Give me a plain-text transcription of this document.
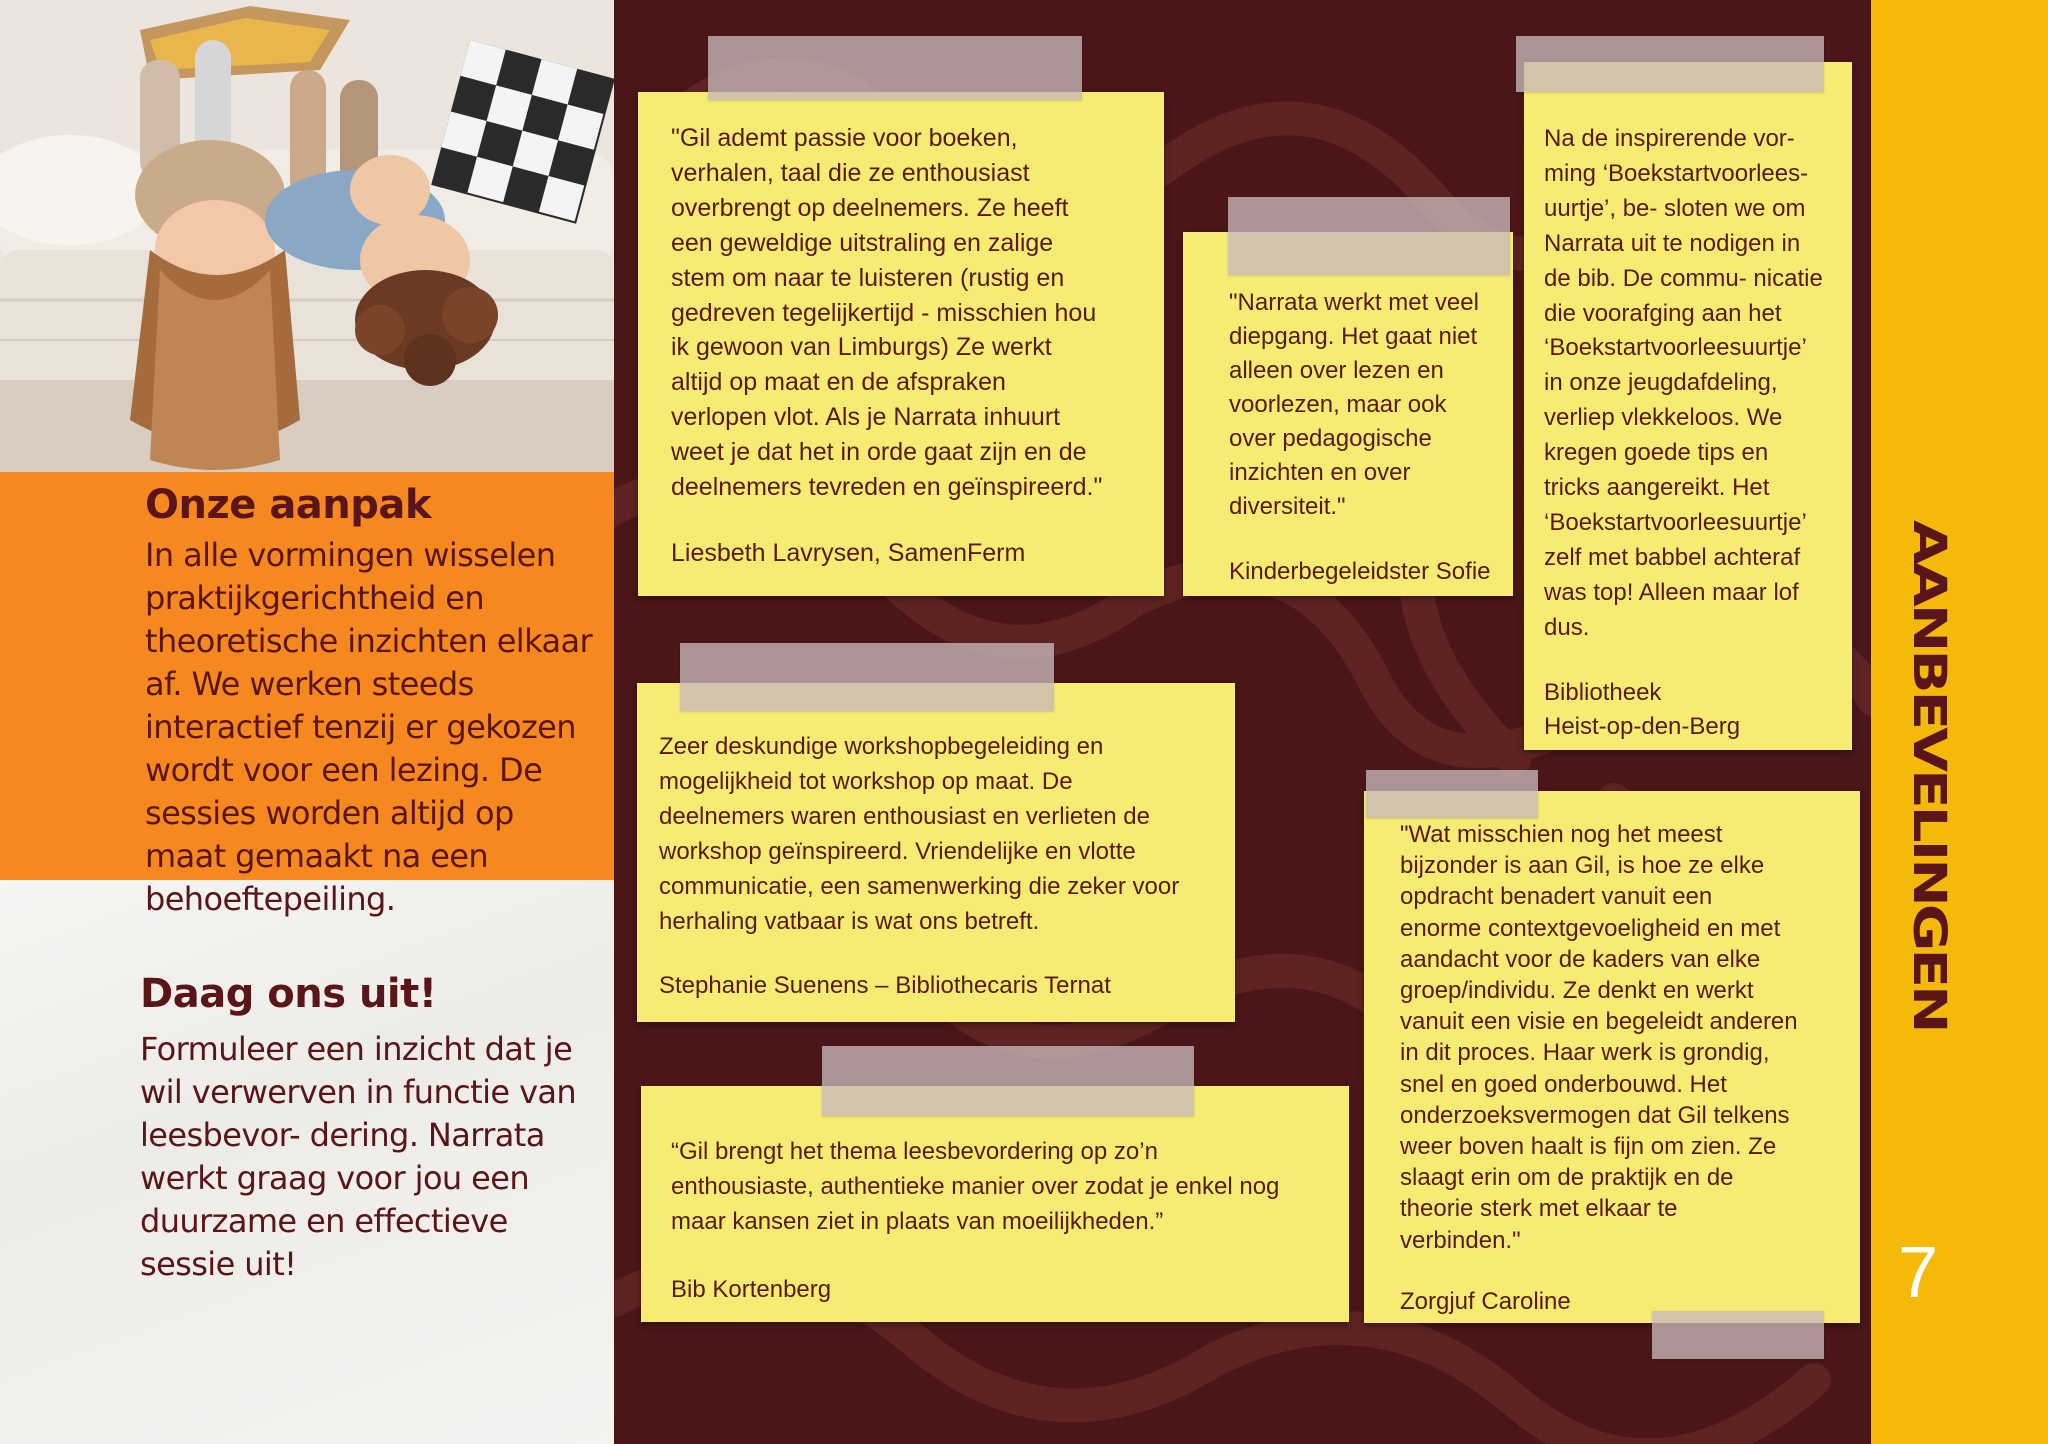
Onze aanpak

In alle vormingen wisselen
praktijkgerichtheid en
theoretische inzichten elkaar
af. We werken steeds
interactief tenzij er gekozen
wordt voor een lezing. De
sessies worden altijd op
maat gemaakt na een
behoeftepeiling.

Daag ons uit!

Formuleer een inzicht dat je
wil verwerven in functie van
leesbevor- dering. Narrata
werkt graag voor jou een
duurzame en effectieve
sessie uit!

"Gil ademt passie voor boeken,
verhalen, taal die ze enthousiast
overbrengt op deelnemers. Ze heeft
een geweldige uitstraling en zalige
stem om naar te luisteren (rustig en
gedreven tegelijkertijd - misschien hou
ik gewoon van Limburgs) Ze werkt
altijd op maat en de afspraken
verlopen vlot. Als je Narrata inhuurt
weet je dat het in orde gaat zijn en de
deelnemers tevreden en geïnspireerd."

Liesbeth Lavrysen, SamenFerm

"Narrata werkt met veel
diepgang. Het gaat niet
alleen over lezen en
voorlezen, maar ook
over pedagogische
inzichten en over
diversiteit."

Kinderbegeleidster Sofie

Na de inspirerende vor-
ming ‘Boekstartvoorlees-
uurtje’, be- sloten we om
Narrata uit te nodigen in
de bib. De commu- nicatie
die voorafging aan het
‘Boekstartvoorleesuurtje’
in onze jeugdafdeling,
verliep vlekkeloos. We
kregen goede tips en
tricks aangereikt. Het
‘Boekstartvoorleesuurtje’
zelf met babbel achteraf
was top! Alleen maar lof
dus.

Bibliotheek
Heist-op-den-Berg

Zeer deskundige workshopbegeleiding en
mogelijkheid tot workshop op maat. De
deelnemers waren enthousiast en verlieten de
workshop geïnspireerd. Vriendelijke en vlotte
communicatie, een samenwerking die zeker voor
herhaling vatbaar is wat ons betreft.

Stephanie Suenens – Bibliothecaris Ternat

"Wat misschien nog het meest
bijzonder is aan Gil, is hoe ze elke
opdracht benadert vanuit een
enorme contextgevoeligheid en met
aandacht voor de kaders van elke
groep/individu. Ze denkt en werkt
vanuit een visie en begeleidt anderen
in dit proces. Haar werk is grondig,
snel en goed onderbouwd. Het
onderzoeksvermogen dat Gil telkens
weer boven haalt is fijn om zien. Ze
slaagt erin om de praktijk en de
theorie sterk met elkaar te
verbinden."

Zorgjuf Caroline

“Gil brengt het thema leesbevordering op zo’n
enthousiaste, authentieke manier over zodat je enkel nog
maar kansen ziet in plaats van moeilijkheden.”

Bib Kortenberg

AANBEVELINGEN

7
